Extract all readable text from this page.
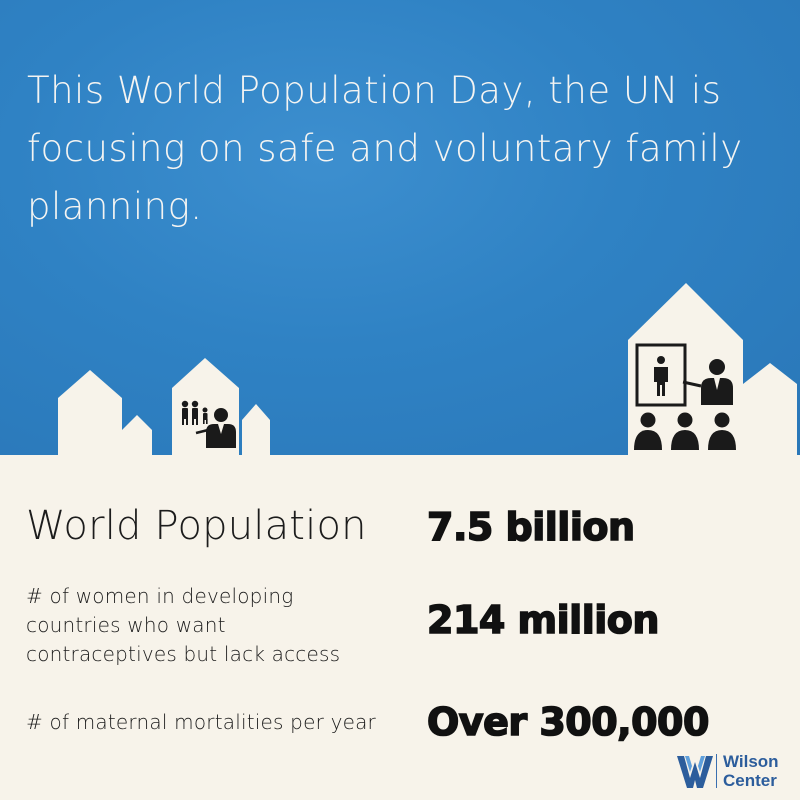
This World Population Day, the UN is focusing on safe and voluntary family planning.

World Population 7.5 billion
# of women in developing
countries who want
contraceptives but lack access
214 million
# of maternal mortalities per year Over 300,000
Wilson
Center
